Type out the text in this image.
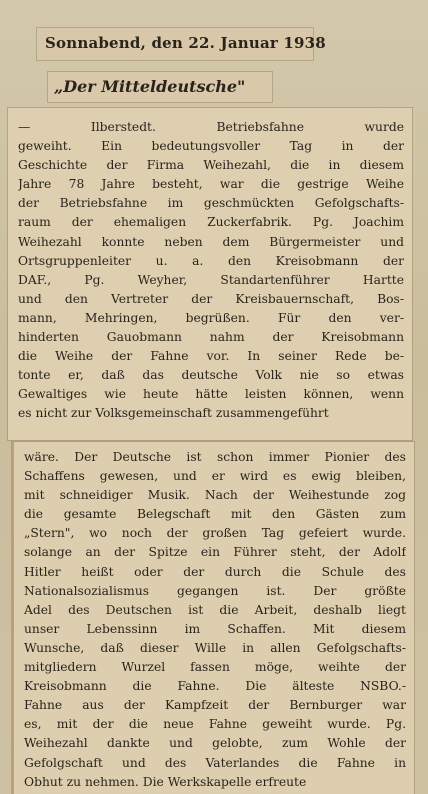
Sonnabend, den 22. Januar 1938
„Der Mitteldeutsche"
— Ilberstedt. Betriebsfahne wurde
geweiht. Ein bedeutungsvoller Tag in der
Geschichte der Firma Weihezahl, die in diesem
Jahre 78 Jahre besteht, war die gestrige Weihe
der Betriebsfahne im geschmückten Gefolgschafts-
raum der ehemaligen Zuckerfabrik. Pg. Joachim
Weihezahl konnte neben dem Bürgermeister und
Ortsgruppenleiter u. a. den Kreisobmann der
DAF., Pg. Weyher, Standartenführer Hartte
und den Vertreter der Kreisbauernschaft, Bos-
mann, Mehringen, begrüßen. Für den ver-
hinderten Gauobmann nahm der Kreisobmann
die Weihe der Fahne vor. In seiner Rede be-
tonte er, daß das deutsche Volk nie so etwas
Gewaltiges wie heute hätte leisten können, wenn
es nicht zur Volksgemeinschaft zusammengeführt
wäre. Der Deutsche ist schon immer Pionier des
Schaffens gewesen, und er wird es ewig bleiben,
mit schneidiger Musik. Nach der Weihestunde zog
die gesamte Belegschaft mit den Gästen zum
„Stern", wo noch der großen Tag gefeiert wurde.
solange an der Spitze ein Führer steht, der Adolf
Hitler heißt oder der durch die Schule des
Nationalsozialismus gegangen ist. Der größte
Adel des Deutschen ist die Arbeit, deshalb liegt
unser Lebenssinn im Schaffen. Mit diesem
Wunsche, daß dieser Wille in allen Gefolgschafts-
mitgliedern Wurzel fassen möge, weihte der
Kreisobmann die Fahne. Die älteste NSBO.-
Fahne aus der Kampfzeit der Bernburger war
es, mit der die neue Fahne geweiht wurde. Pg.
Weihezahl dankte und gelobte, zum Wohle der
Gefolgschaft und des Vaterlandes die Fahne in
Obhut zu nehmen. Die Werkskapelle erfreute
